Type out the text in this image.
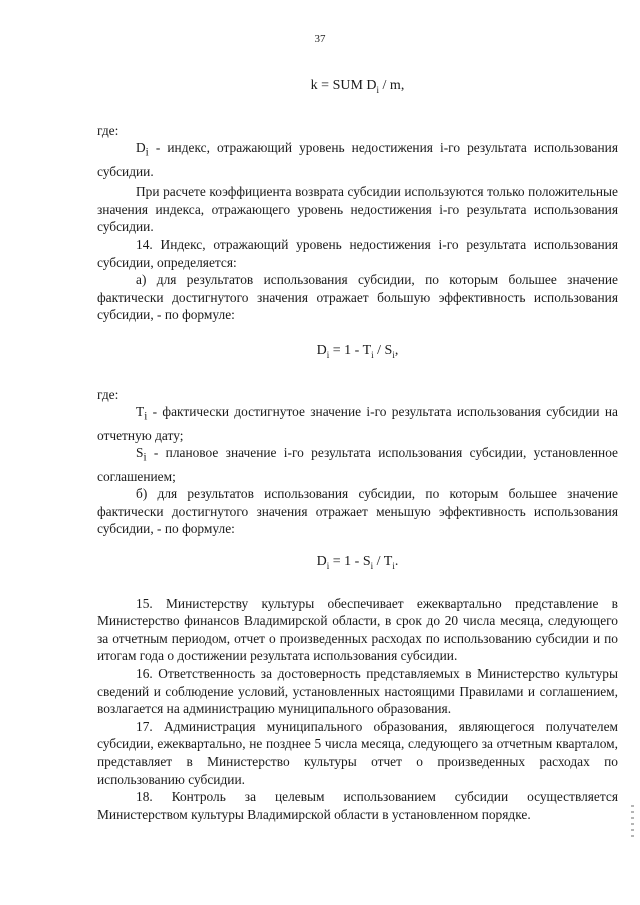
37
k = SUM $D_i$ / m,

где:

$D_i$ - индекс, отражающий уровень недостижения i-го результата использования субсидии.

При расчете коэффициента возврата субсидии используются только положительные значения индекса, отражающего уровень недостижения i-го результата использования субсидии.

14. Индекс, отражающий уровень недостижения i-го результата использования субсидии, определяется:

а) для результатов использования субсидии, по которым большее значение фактически достигнутого значения отражает большую эффективность использования субсидии, - по формуле:

$D_i = 1 - T_i / S_i$,

где:

$T_i$ - фактически достигнутое значение i-го результата использования субсидии на отчетную дату;

$S_i$ - плановое значение i-го результата использования субсидии, установленное соглашением;

б) для результатов использования субсидии, по которым большее значение фактически достигнутого значения отражает меньшую эффективность использования субсидии, - по формуле:

$D_i = 1 - S_i / T_i$.

15. Министерству культуры обеспечивает ежеквартально представление в Министерство финансов Владимирской области, в срок до 20 числа месяца, следующего за отчетным периодом, отчет о произведенных расходах по использованию субсидии и по итогам года о достижении результата использования субсидии.

16. Ответственность за достоверность представляемых в Министерство культуры сведений и соблюдение условий, установленных настоящими Правилами и соглашением, возлагается на администрацию муниципального образования.

17. Администрация муниципального образования, являющегося получателем субсидии, ежеквартально, не позднее 5 числа месяца, следующего за отчетным кварталом, представляет в Министерство культуры отчет о произведенных расходах по использованию субсидии.

18. Контроль за целевым использованием субсидии осуществляется Министерством культуры Владимирской области в установленном порядке.
